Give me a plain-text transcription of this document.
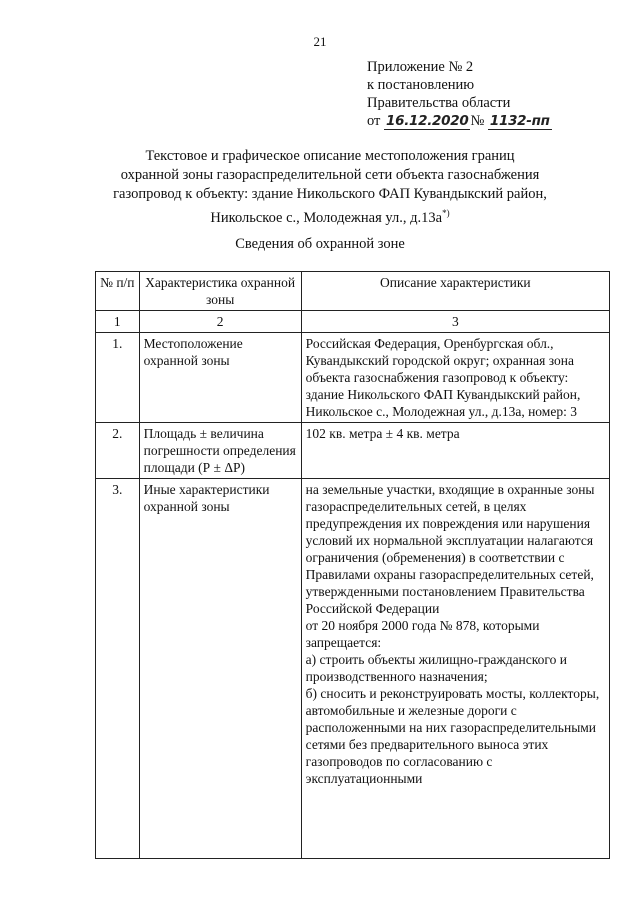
21
Приложение № 2
к постановлению
Правительства области
от 16.12.2020 № 1132-пп
Текстовое и графическое описание местоположения границ
охранной зоны газораспределительной сети объекта газоснабжения
газопровод к объекту: здание Никольского ФАП Кувандыкский район,
Никольское с., Молодежная ул., д.13а*)
Сведения об охранной зоне
№ п/п	Характеристика охранной зоны	Описание характеристики
1	2	3
1.	Местоположение охранной зоны	Российская Федерация, Оренбургская обл., Кувандыкский городской округ; охранная зона объекта газоснабжения газопровод к объекту: здание Никольского ФАП Кувандыкский район, Никольское с., Молодежная ул., д.13а, номер: 3
2.	Площадь ± величина погрешности определения площади (Р ± ΔР)	102 кв. метра ± 4 кв. метра
3.	Иные характеристики охранной зоны	на земельные участки, входящие в охранные зоны газораспределительных сетей, в целях предупреждения их повреждения или нарушения условий их нормальной эксплуатации налагаются ограничения (обременения) в соответствии с Правилами охраны газораспределительных сетей, утвержденными постановлением Правительства Российской Федерации
от 20 ноября 2000 года № 878, которыми запрещается:
а) строить объекты жилищно-гражданского и производственного назначения;
б) сносить и реконструировать мосты, коллекторы, автомобильные и железные дороги с расположенными на них газораспределительными сетями без предварительного выноса этих газопроводов по согласованию с эксплуатационными
